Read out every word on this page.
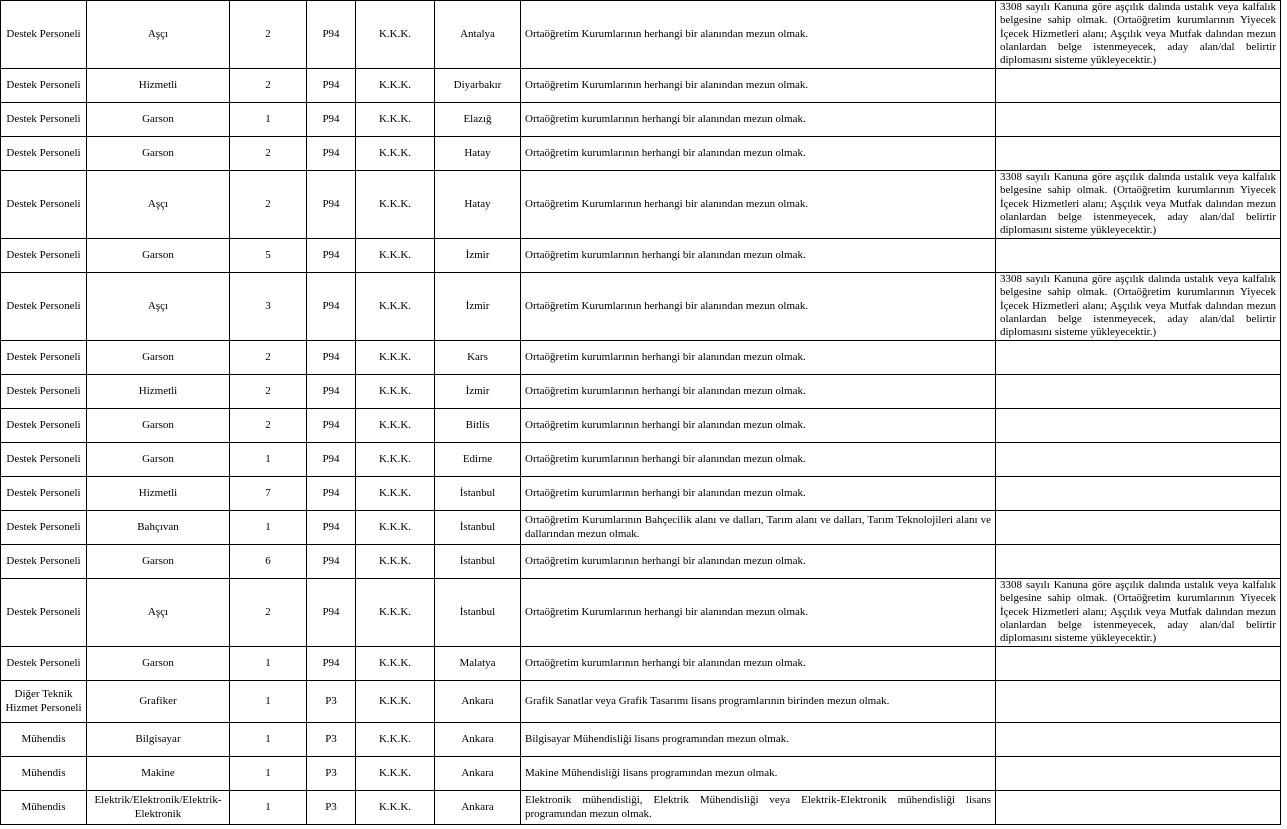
Destek Personeli	Aşçı	2	P94	K.K.K.	Antalya	Ortaöğretim Kurumlarının herhangi bir alanından mezun olmak.	3308 sayılı Kanuna göre aşçılık dalında ustalık veya kalfalık belgesine sahip olmak. (Ortaöğretim kurumlarının Yiyecek İçecek Hizmetleri alanı; Aşçılık veya Mutfak dalından mezun olanlardan belge istenmeyecek, aday alan/dal belirtir diplomasını sisteme yükleyecektir.)
Destek Personeli	Hizmetli	2	P94	K.K.K.	Diyarbakır	Ortaöğretim Kurumlarının herhangi bir alanından mezun olmak.	
Destek Personeli	Garson	1	P94	K.K.K.	Elazığ	Ortaöğretim kurumlarının herhangi bir alanından mezun olmak.	
Destek Personeli	Garson	2	P94	K.K.K.	Hatay	Ortaöğretim kurumlarının herhangi bir alanından mezun olmak.	
Destek Personeli	Aşçı	2	P94	K.K.K.	Hatay	Ortaöğretim Kurumlarının herhangi bir alanından mezun olmak.	3308 sayılı Kanuna göre aşçılık dalında ustalık veya kalfalık belgesine sahip olmak. (Ortaöğretim kurumlarının Yiyecek İçecek Hizmetleri alanı; Aşçılık veya Mutfak dalından mezun olanlardan belge istenmeyecek, aday alan/dal belirtir diplomasını sisteme yükleyecektir.)
Destek Personeli	Garson	5	P94	K.K.K.	İzmir	Ortaöğretim kurumlarının herhangi bir alanından mezun olmak.	
Destek Personeli	Aşçı	3	P94	K.K.K.	İzmir	Ortaöğretim Kurumlarının herhangi bir alanından mezun olmak.	3308 sayılı Kanuna göre aşçılık dalında ustalık veya kalfalık belgesine sahip olmak. (Ortaöğretim kurumlarının Yiyecek İçecek Hizmetleri alanı; Aşçılık veya Mutfak dalından mezun olanlardan belge istenmeyecek, aday alan/dal belirtir diplomasını sisteme yükleyecektir.)
Destek Personeli	Garson	2	P94	K.K.K.	Kars	Ortaöğretim kurumlarının herhangi bir alanından mezun olmak.	
Destek Personeli	Hizmetli	2	P94	K.K.K.	İzmir	Ortaöğretim kurumlarının herhangi bir alanından mezun olmak.	
Destek Personeli	Garson	2	P94	K.K.K.	Bitlis	Ortaöğretim kurumlarının herhangi bir alanından mezun olmak.	
Destek Personeli	Garson	1	P94	K.K.K.	Edirne	Ortaöğretim kurumlarının herhangi bir alanından mezun olmak.	
Destek Personeli	Hizmetli	7	P94	K.K.K.	İstanbul	Ortaöğretim kurumlarının herhangi bir alanından mezun olmak.	
Destek Personeli	Bahçıvan	1	P94	K.K.K.	İstanbul	Ortaöğretim Kurumlarının Bahçecilik alanı ve dalları, Tarım alanı ve dalları, Tarım Teknolojileri alanı ve dallarından mezun olmak.	
Destek Personeli	Garson	6	P94	K.K.K.	İstanbul	Ortaöğretim kurumlarının herhangi bir alanından mezun olmak.	
Destek Personeli	Aşçı	2	P94	K.K.K.	İstanbul	Ortaöğretim Kurumlarının herhangi bir alanından mezun olmak.	3308 sayılı Kanuna göre aşçılık dalında ustalık veya kalfalık belgesine sahip olmak. (Ortaöğretim kurumlarının Yiyecek İçecek Hizmetleri alanı; Aşçılık veya Mutfak dalından mezun olanlardan belge istenmeyecek, aday alan/dal belirtir diplomasını sisteme yükleyecektir.)
Destek Personeli	Garson	1	P94	K.K.K.	Malatya	Ortaöğretim kurumlarının herhangi bir alanından mezun olmak.	
Diğer Teknik Hizmet Personeli	Grafiker	1	P3	K.K.K.	Ankara	Grafik Sanatlar veya Grafik Tasarımı lisans programlarının birinden mezun olmak.	
Mühendis	Bilgisayar	1	P3	K.K.K.	Ankara	Bilgisayar Mühendisliği lisans programından mezun olmak.	
Mühendis	Makine	1	P3	K.K.K.	Ankara	Makine Mühendisliği lisans programından mezun olmak.	
Mühendis	Elektrik/Elektronik/Elektrik-Elektronik	1	P3	K.K.K.	Ankara	Elektronik mühendisliği, Elektrik Mühendisliği veya Elektrik-Elektronik mühendisliği lisans programından mezun olmak.	
